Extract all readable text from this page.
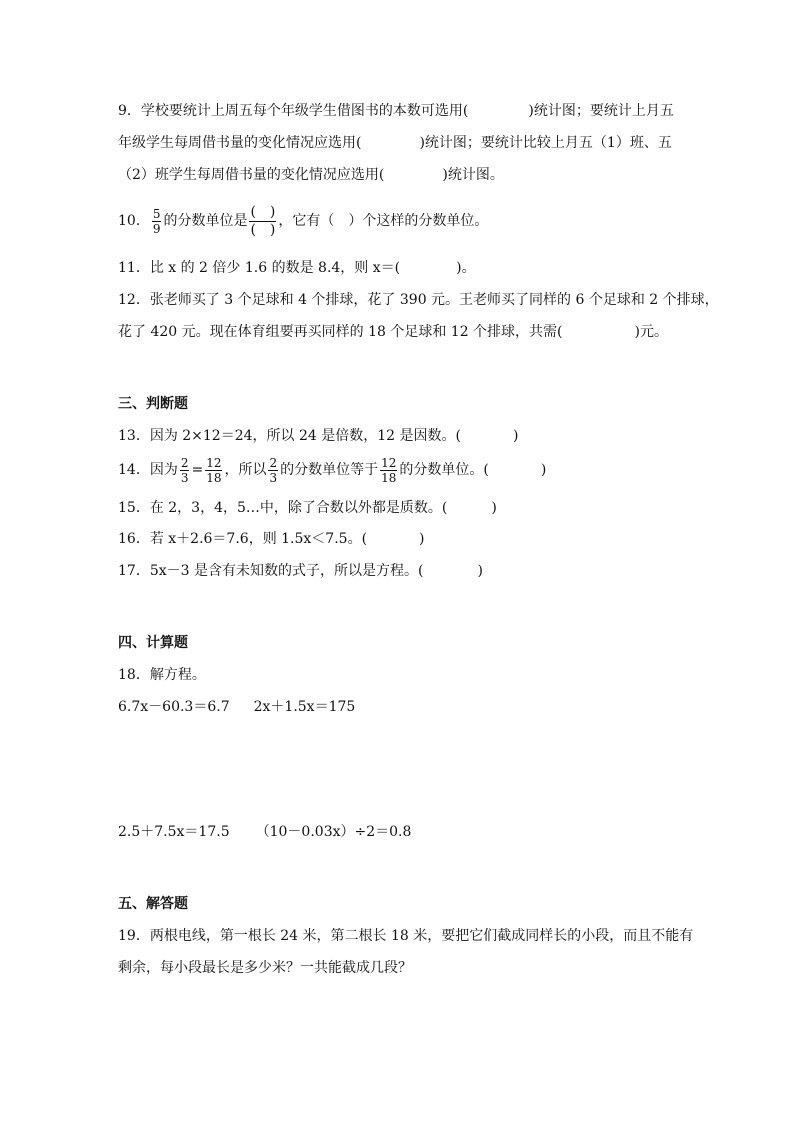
9．学校要统计上周五每个年级学生借图书的本数可选用(	)统计图；要统计上月五
年级学生每周借书量的变化情况应选用(	)统计图；要统计比较上月五（1）班、五
（2）班学生每周借书量的变化情况应选用(	)统计图。
10． $\frac{5}{9}$ 的分数单位是 $\frac{( )}{( )}$ ，它有（　）个这样的分数单位。
11．比 x 的 2 倍少 1.6 的数是 8.4，则 x＝(	)。
12．张老师买了 3 个足球和 4 个排球，花了 390 元。王老师买了同样的 6 个足球和 2 个排球，
花了 420 元。现在体育组要再买同样的 18 个足球和 12 个排球，共需(	)元。
三、判断题
13．因为 2×12＝24，所以 24 是倍数，12 是因数。(	)
14．因为 $\frac{2}{3} = \frac{12}{18}$ ，所以 $\frac{2}{3}$ 的分数单位等于 $\frac{12}{18}$ 的分数单位。(	)
15．在 2，3，4，5…中，除了合数以外都是质数。(	)
16．若 x＋2.6＝7.6，则 1.5x＜7.5。(	)
17．5x－3 是含有未知数的式子，所以是方程。(	)
四、计算题
18．解方程。
6.7x－60.3＝6.7 2x＋1.5x＝175
2.5＋7.5x＝17.5 （10－0.03x）÷2＝0.8
五、解答题
19．两根电线，第一根长 24 米，第二根长 18 米，要把它们截成同样长的小段，而且不能有
剩余，每小段最长是多少米？一共能截成几段？
